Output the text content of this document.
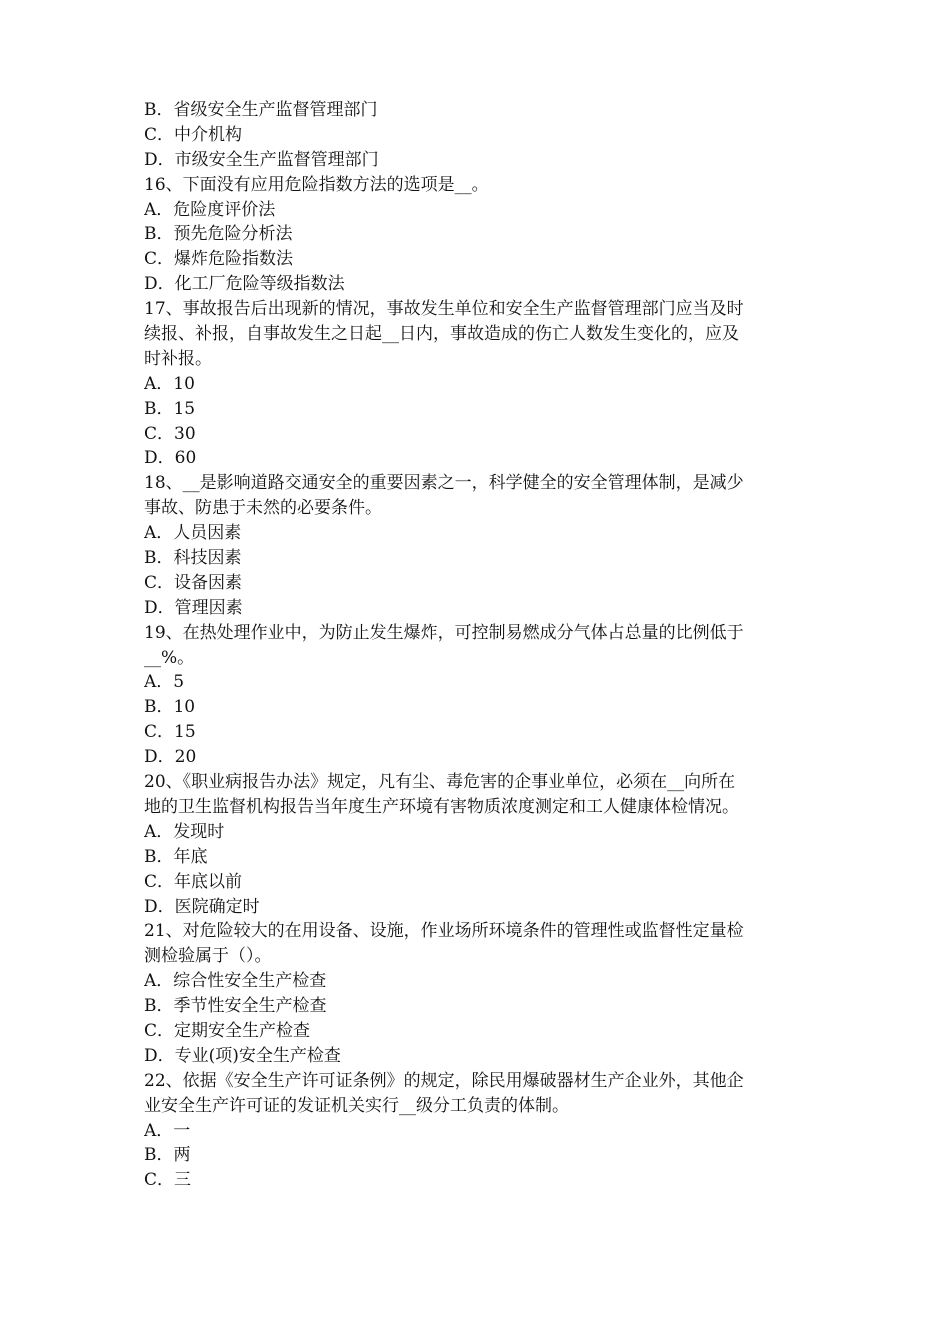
B．省级安全生产监督管理部门
C．中介机构
D．市级安全生产监督管理部门
16、下面没有应用危险指数方法的选项是__。
A．危险度评价法
B．预先危险分析法
C．爆炸危险指数法
D．化工厂危险等级指数法
17、事故报告后出现新的情况，事故发生单位和安全生产监督管理部门应当及时
续报、补报，自事故发生之日起__日内，事故造成的伤亡人数发生变化的，应及
时补报。
A．10
B．15
C．30
D．60
18、__是影响道路交通安全的重要因素之一，科学健全的安全管理体制，是减少
事故、防患于未然的必要条件。
A．人员因素
B．科技因素
C．设备因素
D．管理因素
19、在热处理作业中，为防止发生爆炸，可控制易燃成分气体占总量的比例低于
__%。
A．5
B．10
C．15
D．20
20、《职业病报告办法》规定，凡有尘、毒危害的企事业单位，必须在__向所在
地的卫生监督机构报告当年度生产环境有害物质浓度测定和工人健康体检情况。
A．发现时
B．年底
C．年底以前
D．医院确定时
21、对危险较大的在用设备、设施，作业场所环境条件的管理性或监督性定量检
测检验属于（）。
A．综合性安全生产检查
B．季节性安全生产检查
C．定期安全生产检查
D．专业(项)安全生产检查
22、依据《安全生产许可证条例》的规定，除民用爆破器材生产企业外，其他企
业安全生产许可证的发证机关实行__级分工负责的体制。
A．一
B．两
C．三
